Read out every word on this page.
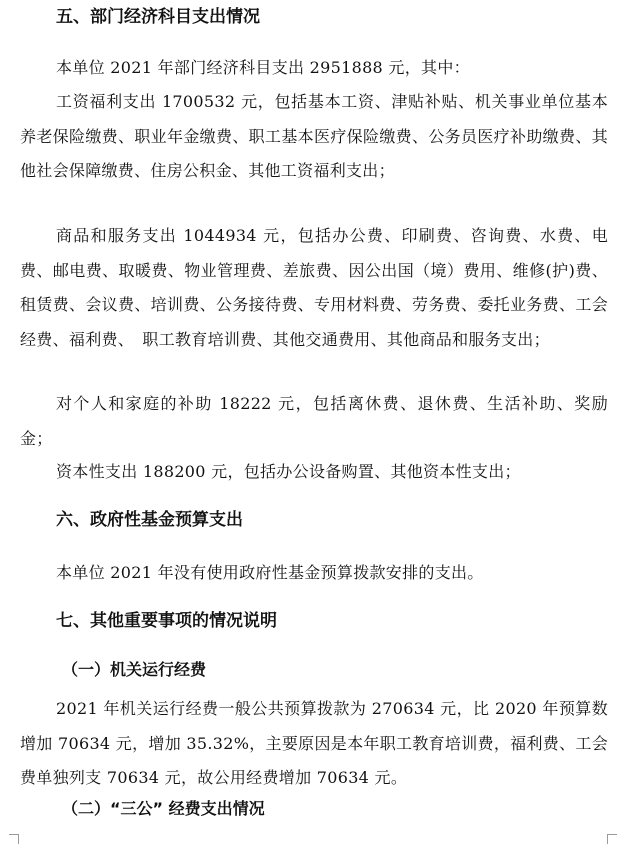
五、部门经济科目支出情况
本单位 2021 年部门经济科目支出 2951888 元，其中：
工资福利支出 1700532 元，包括基本工资、津贴补贴、机关事业单位基本养老保险缴费、职业年金缴费、职工基本医疗保险缴费、公务员医疗补助缴费、其他社会保障缴费、住房公积金、其他工资福利支出；
商品和服务支出 1044934 元，包括办公费、印刷费、咨询费、水费、电费、邮电费、取暖费、物业管理费、差旅费、因公出国（境）费用、维修(护)费、租赁费、会议费、培训费、公务接待费、专用材料费、劳务费、委托业务费、工会经费、福利费、　职工教育培训费、其他交通费用、其他商品和服务支出；
对个人和家庭的补助 18222 元，包括离休费、退休费、生活补助、奖励金；
资本性支出 188200 元，包括办公设备购置、其他资本性支出；
六、政府性基金预算支出
本单位 2021 年没有使用政府性基金预算拨款安排的支出。
七、其他重要事项的情况说明
（一）机关运行经费
2021 年机关运行经费一般公共预算拨款为 270634 元，比 2020 年预算数增加 70634 元，增加 35.32%，主要原因是本年职工教育培训费，福利费、工会费单独列支 70634 元，故公用经费增加 70634 元。
（二）“三公” 经费支出情况
